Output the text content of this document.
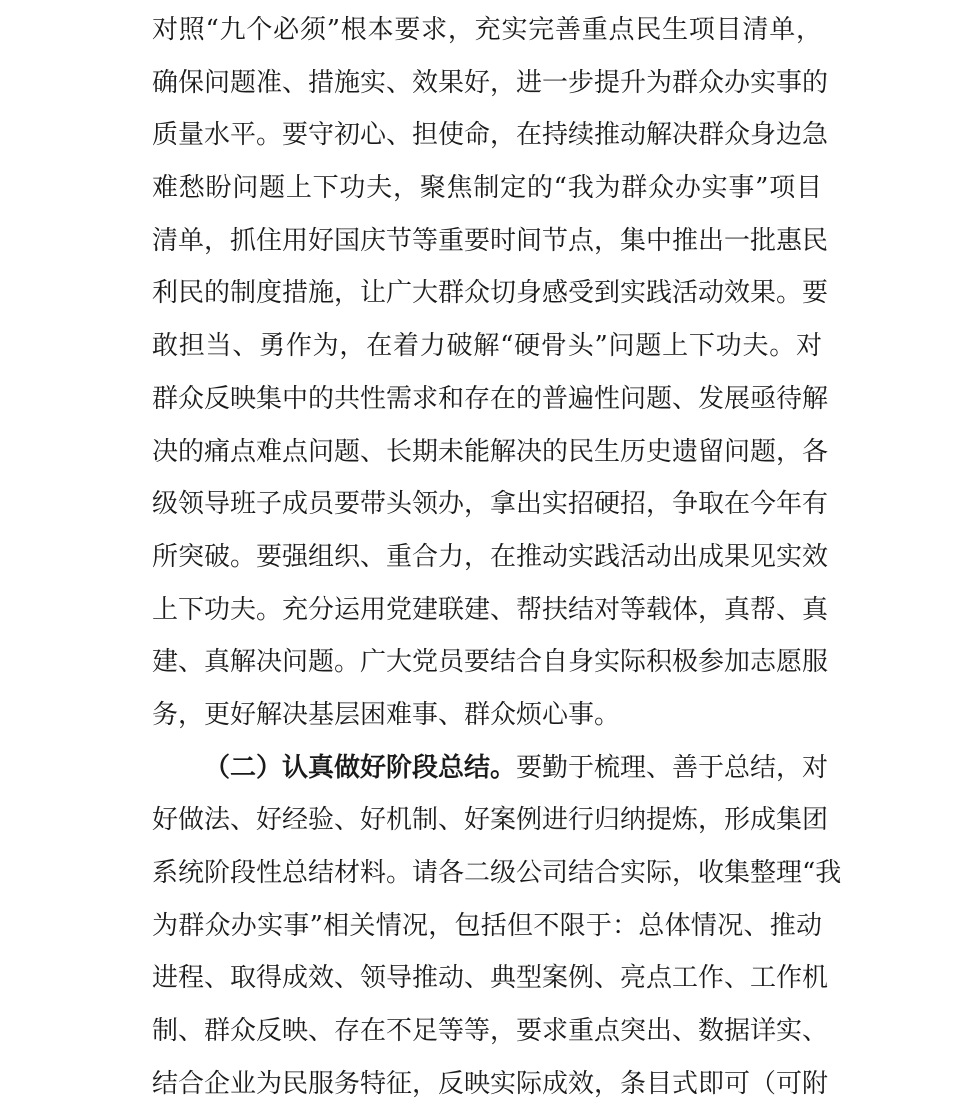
对照“九个必须”根本要求，充实完善重点民生项目清单，
确保问题准、措施实、效果好，进一步提升为群众办实事的
质量水平。要守初心、担使命，在持续推动解决群众身边急
难愁盼问题上下功夫，聚焦制定的“我为群众办实事”项目
清单，抓住用好国庆节等重要时间节点，集中推出一批惠民
利民的制度措施，让广大群众切身感受到实践活动效果。要
敢担当、勇作为，在着力破解“硬骨头”问题上下功夫。对
群众反映集中的共性需求和存在的普遍性问题、发展亟待解
决的痛点难点问题、长期未能解决的民生历史遗留问题，各
级领导班子成员要带头领办，拿出实招硬招，争取在今年有
所突破。要强组织、重合力，在推动实践活动出成果见实效
上下功夫。充分运用党建联建、帮扶结对等载体，真帮、真
建、真解决问题。广大党员要结合自身实际积极参加志愿服
务，更好解决基层困难事、群众烦心事。
（二）认真做好阶段总结。要勤于梳理、善于总结，对
好做法、好经验、好机制、好案例进行归纳提炼，形成集团
系统阶段性总结材料。请各二级公司结合实际，收集整理“我
为群众办实事”相关情况，包括但不限于：总体情况、推动
进程、取得成效、领导推动、典型案例、亮点工作、工作机
制、群众反映、存在不足等等，要求重点突出、数据详实、
结合企业为民服务特征，反映实际成效，条目式即可（可附
